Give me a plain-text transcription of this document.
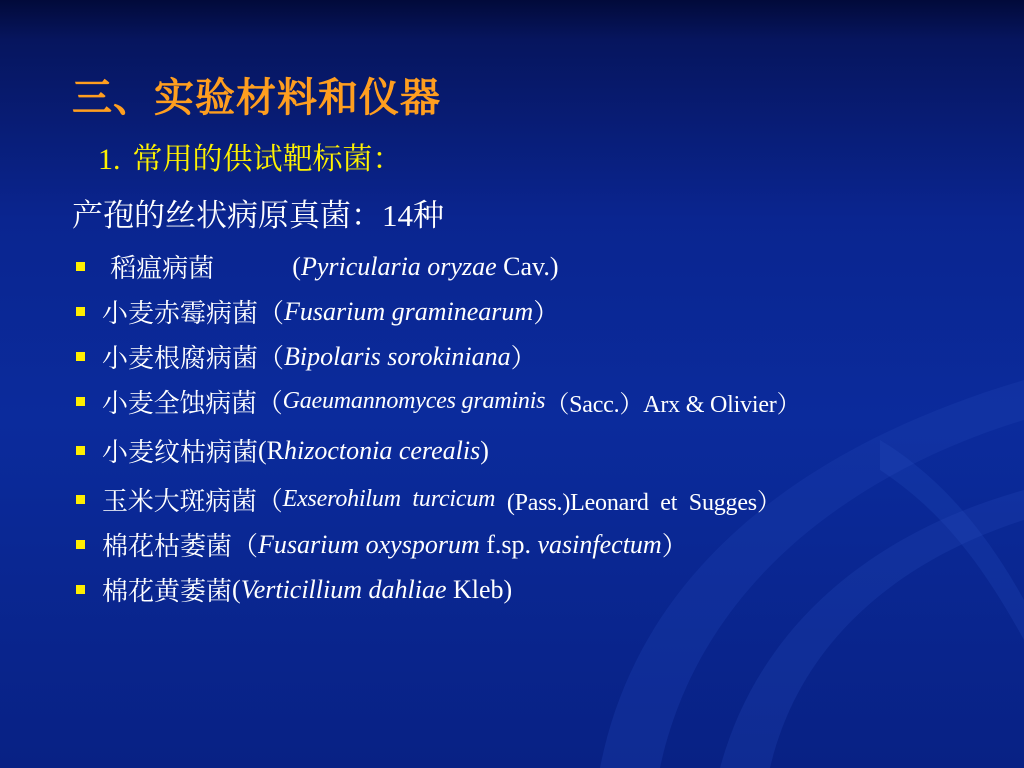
三、实验材料和仪器

1. 常用的供试靶标菌：

产孢的丝状病原真菌：14种

稻瘟病菌	( Pyricularia oryzae Cav.)
小麦赤霉病菌（ Fusarium graminearum ）
小麦根腐病菌（ Bipolaris sorokiniana ）
小麦全蚀病菌（ Gaeumannomyces graminis （Sacc.）Arx & Olivier）
小麦纹枯病菌 (R hizoctonia cerealis )
玉米大斑病菌（ Exserohilum  turcicum (Pass.)Leonard  et  Sugges）
棉花枯萎菌（ Fusarium oxysporum f.sp. vasinfectum ）
棉花黄萎菌 ( Verticillium dahliae Kleb)
